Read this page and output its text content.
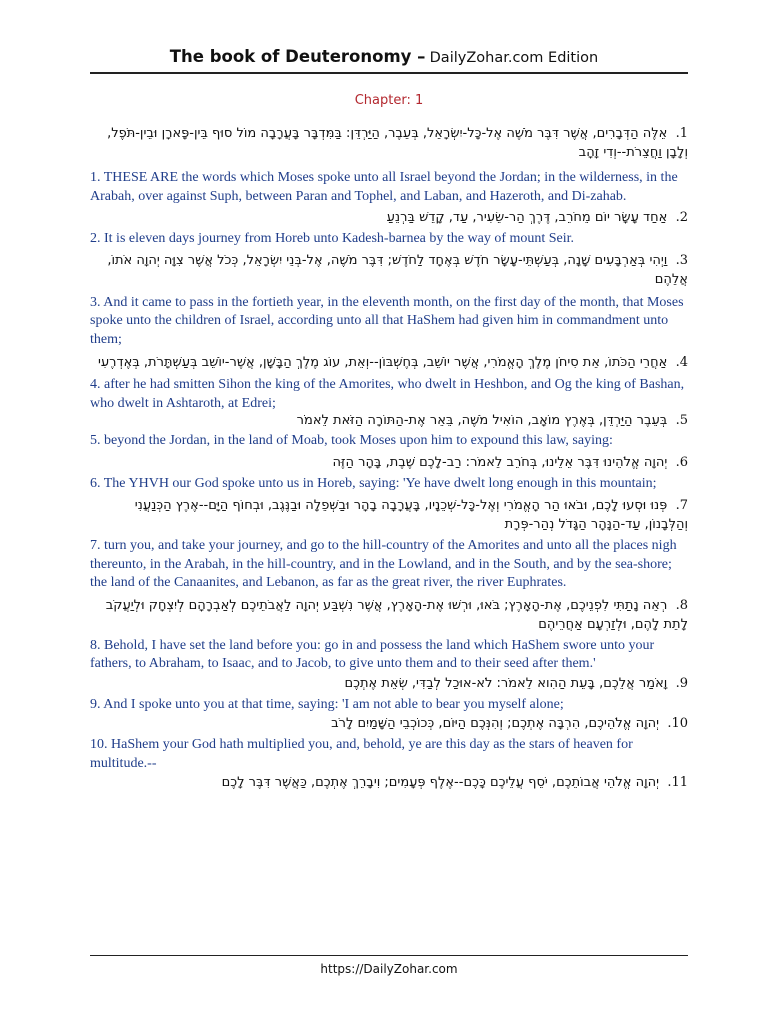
The book of Deuteronomy – DailyZohar.com Edition
Chapter: 1
1.  אֵלֶּה הַדְּבָרִים, אֲשֶׁר דִּבֶּר מֹשֶׁה אֶל-כָּל-יִשְׂרָאֵל, בְּעֵבֶר, הַיַּרְדֵּן: בַּמִּדְבָּר בָּעֲרָבָה מוֹל סוּף בֵּין-פָּארָן וּבֵין-תֹּפֶל, וְלָבָן וַחֲצֵרֹת--וְדִי זָהָב
1. THESE ARE the words which Moses spoke unto all Israel beyond the Jordan; in the wilderness, in the Arabah, over against Suph, between Paran and Tophel, and Laban, and Hazeroth, and Di-zahab.
2.  אַחַד עָשָׂר יוֹם מֵחֹרֵב, דֶּרֶךְ הַר-שֵׂעִיר, עַד, קָדֵשׁ בַּרְנֵעַ
2. It is eleven days journey from Horeb unto Kadesh-barnea by the way of mount Seir.
3.  וַיְהִי בְּאַרְבָּעִים שָׁנָה, בְּעַשְׁתֵּי-עָשָׂר חֹדֶשׁ בְּאֶחָד לַחֹדֶשׁ; דִּבֶּר מֹשֶׁה, אֶל-בְּנֵי יִשְׂרָאֵל, כְּכֹל אֲשֶׁר צִוָּה יְהוָה אֹתוֹ, אֲלֵהֶם
3. And it came to pass in the fortieth year, in the eleventh month, on the first day of the month, that Moses spoke unto the children of Israel, according unto all that HaShem had given him in commandment unto them;
4.  אַחֲרֵי הַכֹּתוֹ, אֵת סִיחֹן מֶלֶךְ הָאֱמֹרִי, אֲשֶׁר יוֹשֵׁב, בְּחֶשְׁבּוֹן--וְאֵת, עוֹג מֶלֶךְ הַבָּשָׁן, אֲשֶׁר-יוֹשֵׁב בְּעַשְׁתָּרֹת, בְּאֶדְרֶעִי
4. after he had smitten Sihon the king of the Amorites, who dwelt in Heshbon, and Og the king of Bashan, who dwelt in Ashtaroth, at Edrei;
5.  בְּעֵבֶר הַיַּרְדֵּן, בְּאֶרֶץ מוֹאָב, הוֹאִיל מֹשֶׁה, בֵּאֵר אֶת-הַתּוֹרָה הַזֹּאת לֵאמֹר
5. beyond the Jordan, in the land of Moab, took Moses upon him to expound this law, saying:
6.  יְהוָה אֱלֹהֵינוּ דִּבֶּר אֵלֵינוּ, בְּחֹרֵב לֵאמֹר: רַב-לָכֶם שֶׁבֶת, בָּהָר הַזֶּה
6. The YHVH our God spoke unto us in Horeb, saying: 'Ye have dwelt long enough in this mountain;
7.  פְּנוּ וּסְעוּ לָכֶם, וּבֹאוּ הַר הָאֱמֹרִי וְאֶל-כָּל-שְׁכֵנָיו, בָּעֲרָבָה בָהָר וּבַשְּׁפֵלָה וּבַנֶּגֶב, וּבְחוֹף הַיָּם--אֶרֶץ הַכְּנַעֲנִי וְהַלְּבָנוֹן, עַד-הַנָּהָר הַגָּדֹל נְהַר-פְּרָת
7. turn you, and take your journey, and go to the hill-country of the Amorites and unto all the places nigh thereunto, in the Arabah, in the hill-country, and in the Lowland, and in the South, and by the sea-shore; the land of the Canaanites, and Lebanon, as far as the great river, the river Euphrates.
8.  רְאֵה נָתַתִּי לִפְנֵיכֶם, אֶת-הָאָרֶץ; בֹּאוּ, וּרְשׁוּ אֶת-הָאָרֶץ, אֲשֶׁר נִשְׁבַּע יְהוָה לַאֲבֹתֵיכֶם לְאַבְרָהָם לְיִצְחָק וּלְיַעֲקֹב לָתֵת לָהֶם, וּלְזַרְעָם אַחֲרֵיהֶם
8. Behold, I have set the land before you: go in and possess the land which HaShem swore unto your fathers, to Abraham, to Isaac, and to Jacob, to give unto them and to their seed after them.'
9.  וָאֹמַר אֲלֵכֶם, בָּעֵת הַהִוא לֵאמֹר: לֹא-אוּכַל לְבַדִּי, שְׂאֵת אֶתְכֶם
9. And I spoke unto you at that time, saying: 'I am not able to bear you myself alone;
10.  יְהוָה אֱלֹהֵיכֶם, הִרְבָּה אֶתְכֶם; וְהִנְּכֶם הַיּוֹם, כְּכוֹכְבֵי הַשָּׁמַיִם לָרֹב
10. HaShem your God hath multiplied you, and, behold, ye are this day as the stars of heaven for multitude.--
11.  יְהוָה אֱלֹהֵי אֲבוֹתֵכֶם, יֹסֵף עֲלֵיכֶם כָּכֶם--אֶלֶף פְּעָמִים; וִיבָרֵךְ אֶתְכֶם, כַּאֲשֶׁר דִּבֶּר לָכֶם
https://DailyZohar.com
